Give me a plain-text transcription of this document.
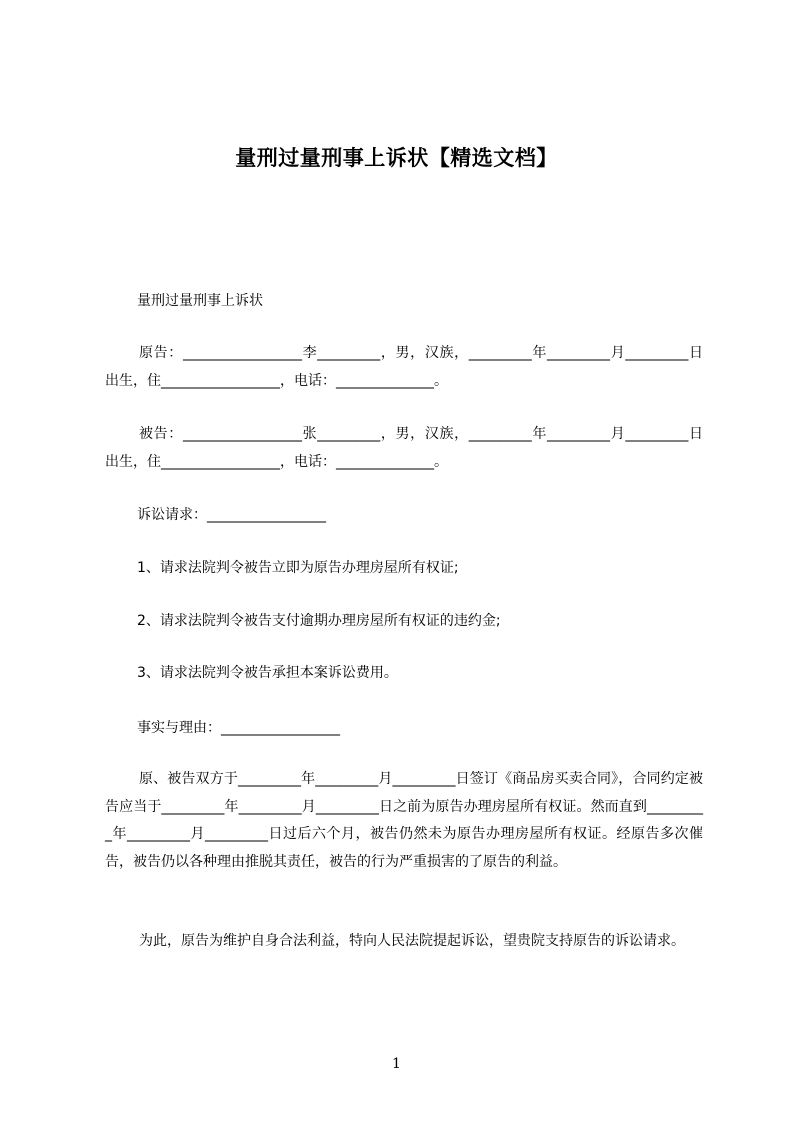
量刑过量刑事上诉状【精选文档】
量刑过量刑事上诉状
原告：_________________李_________，男，汉族，_________年_________月_________日出生，住_________________，电话：______________。
被告：_________________张_________，男，汉族，_________年_________月_________日出生，住_________________，电话：______________。
诉讼请求：_________________
1、请求法院判令被告立即为原告办理房屋所有权证;
2、请求法院判令被告支付逾期办理房屋所有权证的违约金;
3、请求法院判令被告承担本案诉讼费用。
事实与理由：_________________
原、被告双方于_________年_________月_________日签订《商品房买卖合同》，合同约定被告应当于_________年_________月_________日之前为原告办理房屋所有权证。然而直到_________年_________月_________日过后六个月，被告仍然未为原告办理房屋所有权证。经原告多次催告，被告仍以各种理由推脱其责任，被告的行为严重损害的了原告的利益。
为此，原告为维护自身合法利益，特向人民法院提起诉讼，望贵院支持原告的诉讼请求。
1
